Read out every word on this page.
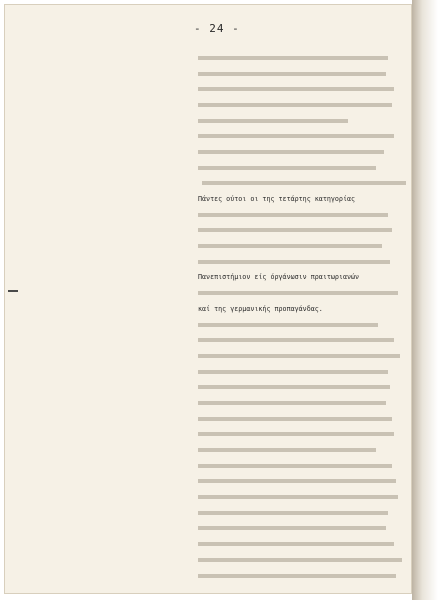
- 24 -
Πάντες ούτοι οι της τετάρτης κατηγορίας
Πανεπιστήμιον είς όργάνωσιν πραιτωριανών
καί της γερμανικής προπαγάνδας.
